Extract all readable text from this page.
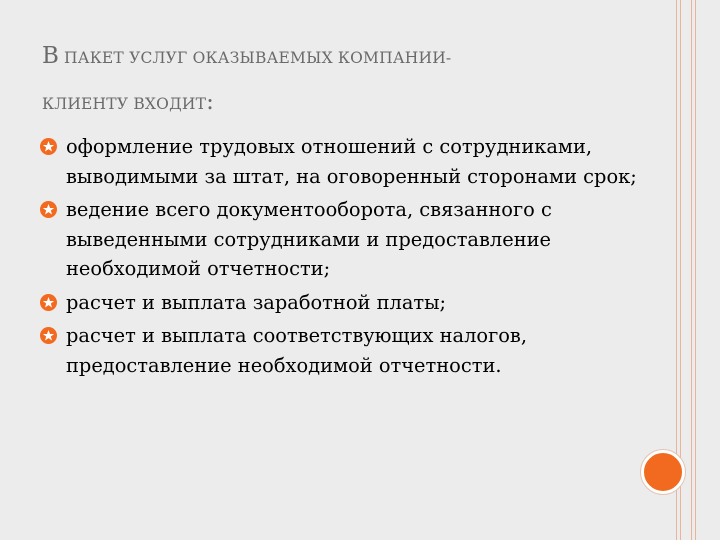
В ПАКЕТ УСЛУГ ОКАЗЫВАЕМЫХ КОМПАНИИ-
КЛИЕНТУ ВХОДИТ:
оформление трудовых отношений с сотрудниками, выводимыми за штат, на оговоренный сторонами срок;
ведение всего документооборота, связанного с выведенными сотрудниками и предоставление необходимой отчетности;
расчет и выплата заработной платы;
расчет и выплата соответствующих налогов, предоставление необходимой отчетности.
